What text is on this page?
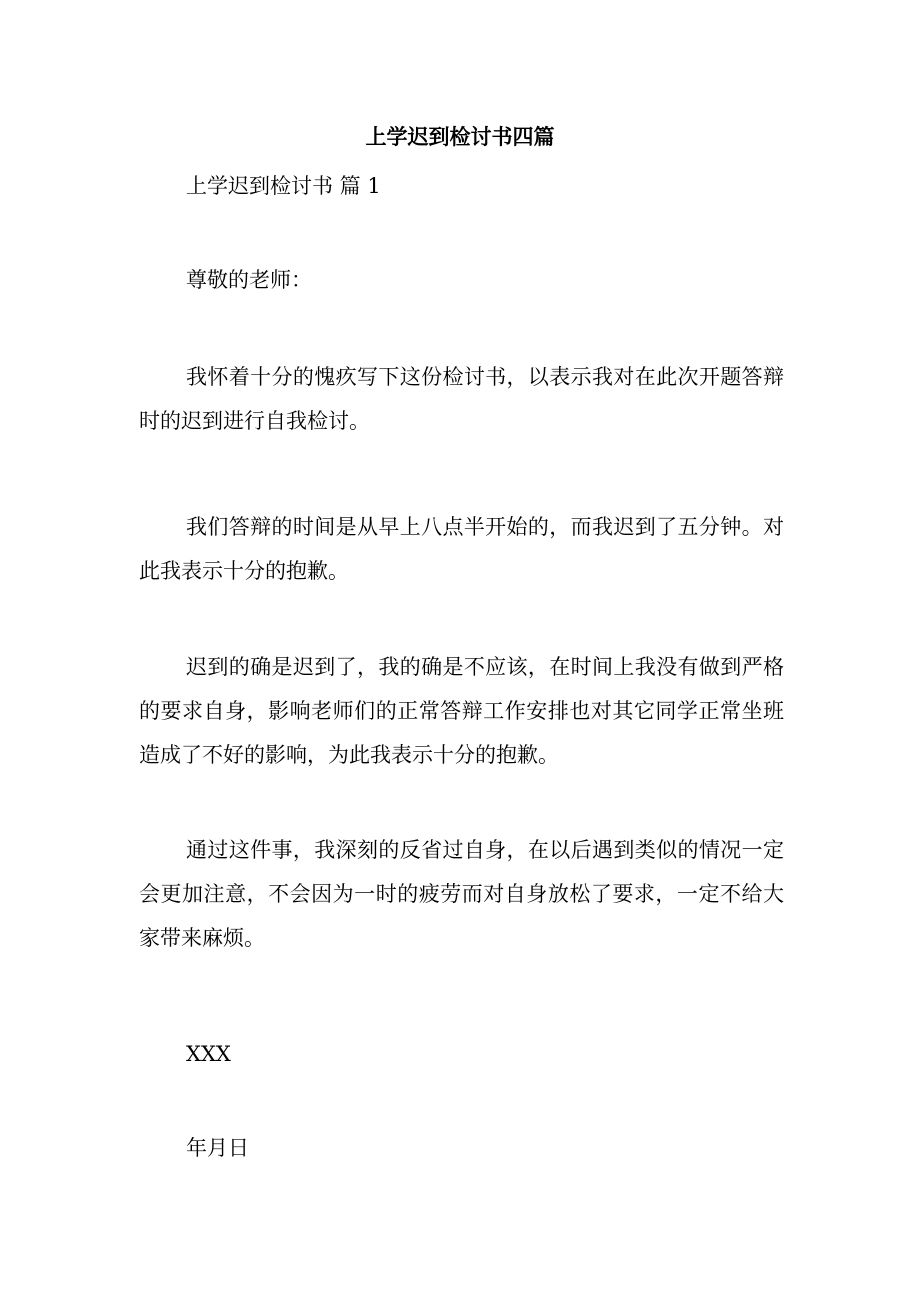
上学迟到检讨书四篇

上学迟到检讨书 篇 1

尊敬的老师：

我怀着十分的愧疚写下这份检讨书，以表示我对在此次开题答辩时的迟到进行自我检讨。

我们答辩的时间是从早上八点半开始的，而我迟到了五分钟。对此我表示十分的抱歉。

迟到的确是迟到了，我的确是不应该，在时间上我没有做到严格的要求自身，影响老师们的正常答辩工作安排也对其它同学正常坐班造成了不好的影响，为此我表示十分的抱歉。

通过这件事，我深刻的反省过自身，在以后遇到类似的情况一定会更加注意，不会因为一时的疲劳而对自身放松了要求，一定不给大家带来麻烦。

XXX

年月日
